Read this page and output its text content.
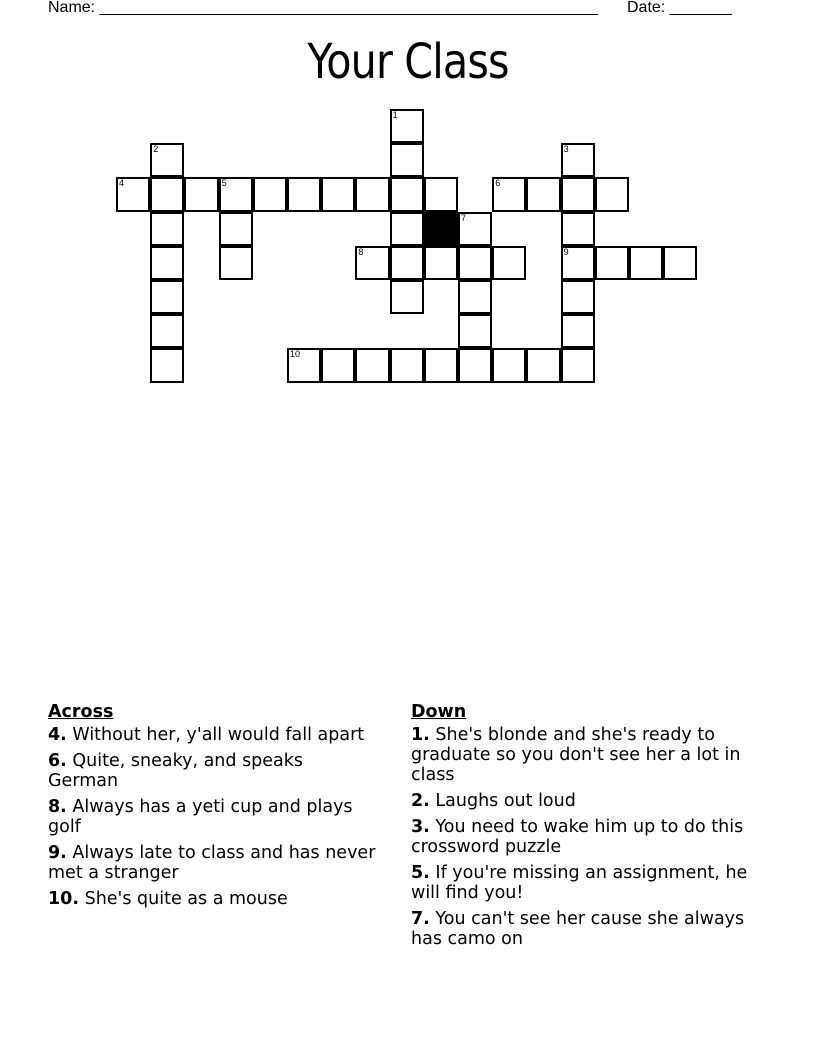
Name: ________________________________________________________ Date: _______
Your Class
1
2	3
9
4	5	6
7
8
10
Across
4. Without her, y'all would fall apart
6. Quite, sneaky, and speaks German
8. Always has a yeti cup and plays golf
9. Always late to class and has never met a stranger
10. She's quite as a mouse
Down
1. She's blonde and she's ready to graduate so you don't see her a lot in class
2. Laughs out loud
3. You need to wake him up to do this crossword puzzle
5. If you're missing an assignment, he will find you!
7. You can't see her cause she always has camo on
